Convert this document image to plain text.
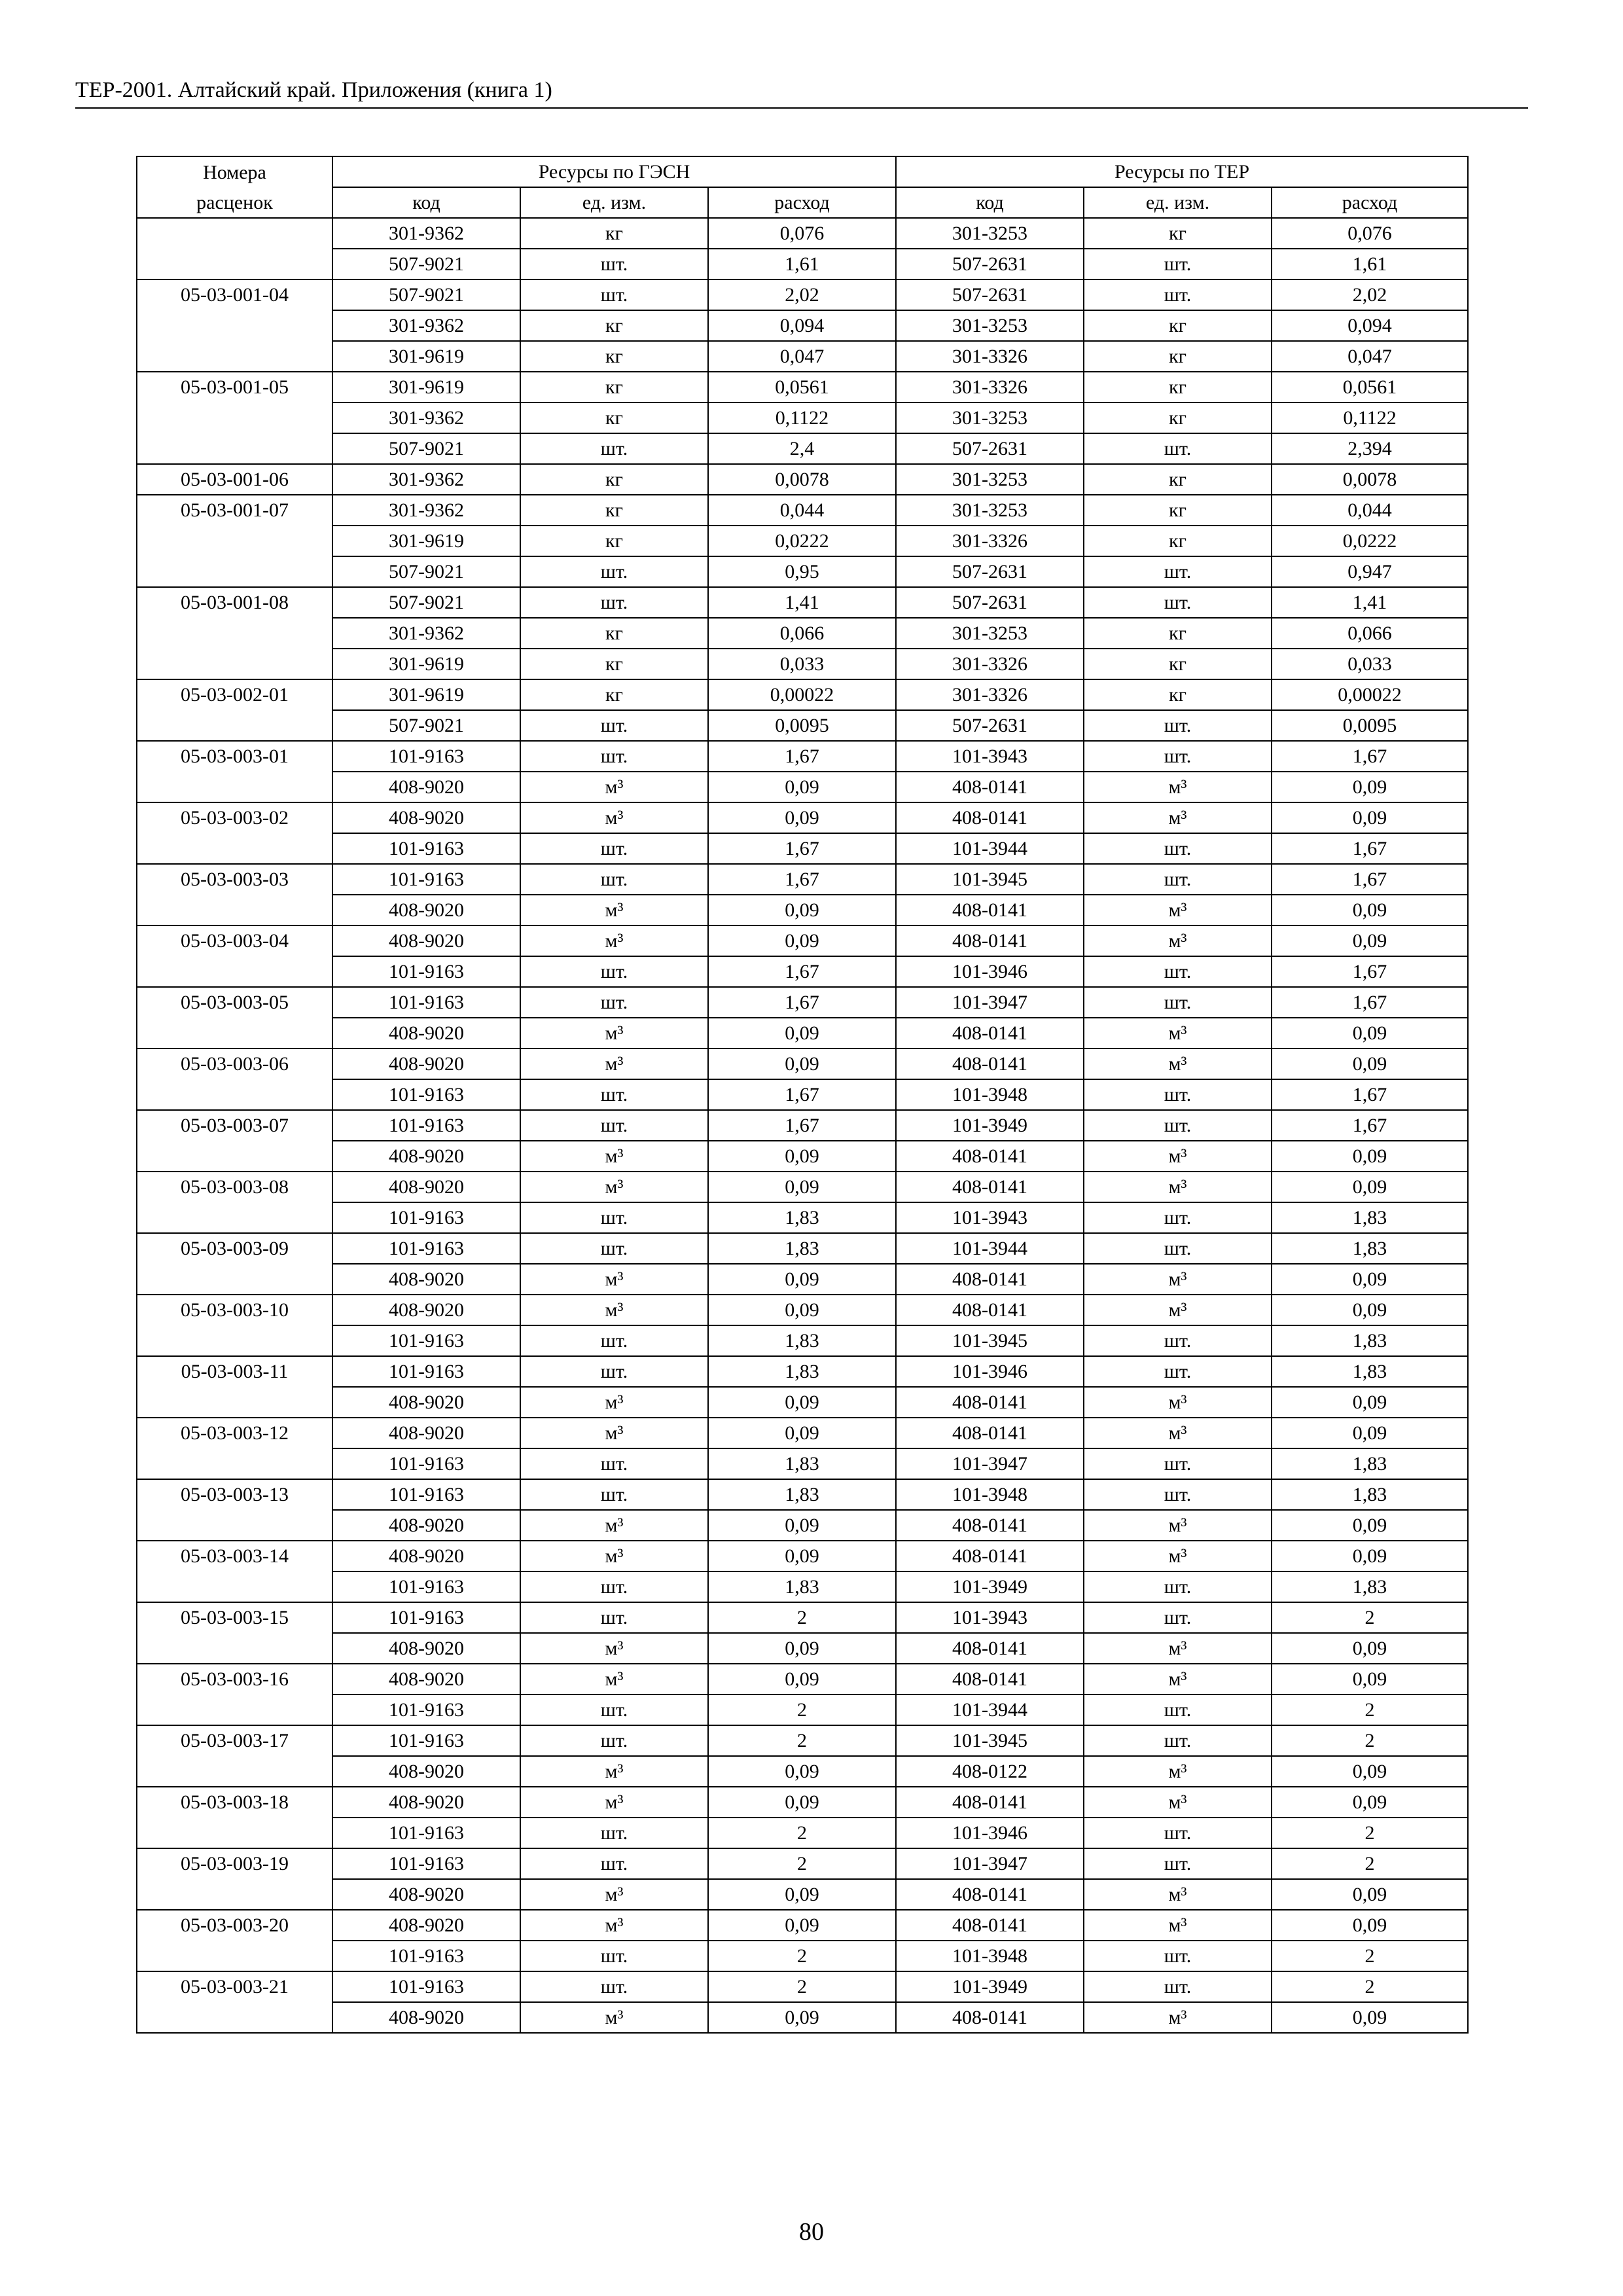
ТЕР-2001. Алтайский край. Приложения (книга 1)
Номера	Ресурсы по ГЭСН			Ресурсы по ТЕР		
расценок	код	ед. изм.	расход	код	ед. изм.	расход
	301-9362	кг	0,076	301-3253	кг	0,076
	507-9021	шт.	1,61	507-2631	шт.	1,61
05-03-001-04	507-9021	шт.	2,02	507-2631	шт.	2,02
	301-9362	кг	0,094	301-3253	кг	0,094
	301-9619	кг	0,047	301-3326	кг	0,047
05-03-001-05	301-9619	кг	0,0561	301-3326	кг	0,0561
	301-9362	кг	0,1122	301-3253	кг	0,1122
	507-9021	шт.	2,4	507-2631	шт.	2,394
05-03-001-06	301-9362	кг	0,0078	301-3253	кг	0,0078
05-03-001-07	301-9362	кг	0,044	301-3253	кг	0,044
	301-9619	кг	0,0222	301-3326	кг	0,0222
	507-9021	шт.	0,95	507-2631	шт.	0,947
05-03-001-08	507-9021	шт.	1,41	507-2631	шт.	1,41
	301-9362	кг	0,066	301-3253	кг	0,066
	301-9619	кг	0,033	301-3326	кг	0,033
05-03-002-01	301-9619	кг	0,00022	301-3326	кг	0,00022
	507-9021	шт.	0,0095	507-2631	шт.	0,0095
05-03-003-01	101-9163	шт.	1,67	101-3943	шт.	1,67
	408-9020	м³	0,09	408-0141	м³	0,09
05-03-003-02	408-9020	м³	0,09	408-0141	м³	0,09
	101-9163	шт.	1,67	101-3944	шт.	1,67
05-03-003-03	101-9163	шт.	1,67	101-3945	шт.	1,67
	408-9020	м³	0,09	408-0141	м³	0,09
05-03-003-04	408-9020	м³	0,09	408-0141	м³	0,09
	101-9163	шт.	1,67	101-3946	шт.	1,67
05-03-003-05	101-9163	шт.	1,67	101-3947	шт.	1,67
	408-9020	м³	0,09	408-0141	м³	0,09
05-03-003-06	408-9020	м³	0,09	408-0141	м³	0,09
	101-9163	шт.	1,67	101-3948	шт.	1,67
05-03-003-07	101-9163	шт.	1,67	101-3949	шт.	1,67
	408-9020	м³	0,09	408-0141	м³	0,09
05-03-003-08	408-9020	м³	0,09	408-0141	м³	0,09
	101-9163	шт.	1,83	101-3943	шт.	1,83
05-03-003-09	101-9163	шт.	1,83	101-3944	шт.	1,83
	408-9020	м³	0,09	408-0141	м³	0,09
05-03-003-10	408-9020	м³	0,09	408-0141	м³	0,09
	101-9163	шт.	1,83	101-3945	шт.	1,83
05-03-003-11	101-9163	шт.	1,83	101-3946	шт.	1,83
	408-9020	м³	0,09	408-0141	м³	0,09
05-03-003-12	408-9020	м³	0,09	408-0141	м³	0,09
	101-9163	шт.	1,83	101-3947	шт.	1,83
05-03-003-13	101-9163	шт.	1,83	101-3948	шт.	1,83
	408-9020	м³	0,09	408-0141	м³	0,09
05-03-003-14	408-9020	м³	0,09	408-0141	м³	0,09
	101-9163	шт.	1,83	101-3949	шт.	1,83
05-03-003-15	101-9163	шт.	2	101-3943	шт.	2
	408-9020	м³	0,09	408-0141	м³	0,09
05-03-003-16	408-9020	м³	0,09	408-0141	м³	0,09
	101-9163	шт.	2	101-3944	шт.	2
05-03-003-17	101-9163	шт.	2	101-3945	шт.	2
	408-9020	м³	0,09	408-0122	м³	0,09
05-03-003-18	408-9020	м³	0,09	408-0141	м³	0,09
	101-9163	шт.	2	101-3946	шт.	2
05-03-003-19	101-9163	шт.	2	101-3947	шт.	2
	408-9020	м³	0,09	408-0141	м³	0,09
05-03-003-20	408-9020	м³	0,09	408-0141	м³	0,09
	101-9163	шт.	2	101-3948	шт.	2
05-03-003-21	101-9163	шт.	2	101-3949	шт.	2
	408-9020	м³	0,09	408-0141	м³	0,09
80
